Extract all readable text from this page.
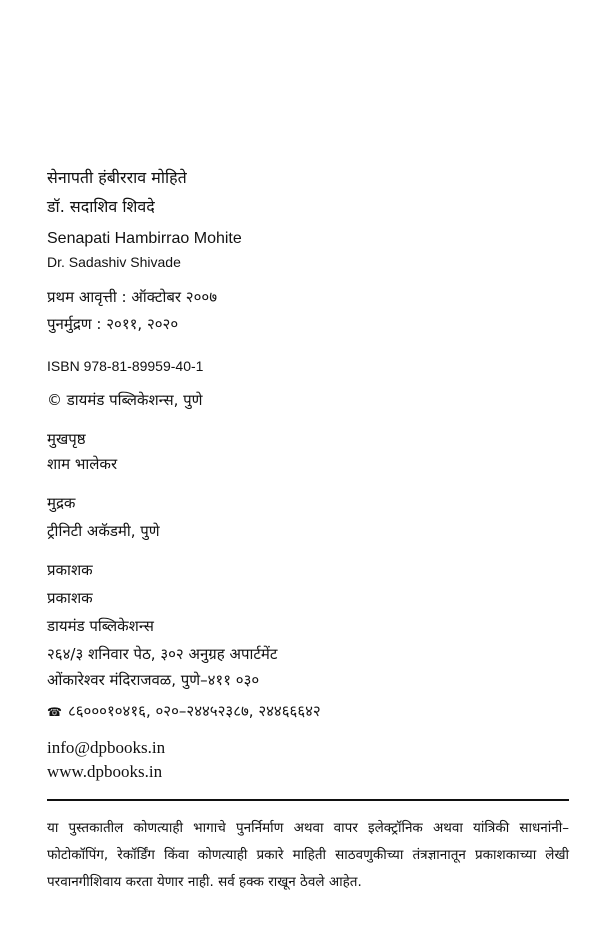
सेनापती हंबीरराव मोहिते
डॉ. सदाशिव शिवदे
Senapati Hambirrao Mohite
Dr. Sadashiv Shivade
प्रथम आवृत्ती : ऑक्टोबर २००७
पुनर्मुद्रण : २०११, २०२०
ISBN 978-81-89959-40-1
© डायमंड पब्लिकेशन्स, पुणे
मुखपृष्ठ
शाम भालेकर
मुद्रक
ट्रीनिटी अकॅडमी, पुणे
प्रकाशक
प्रकाशक
डायमंड पब्लिकेशन्स
२६४/३ शनिवार पेठ, ३०२ अनुग्रह अपार्टमेंट
ओंकारेश्वर मंदिराजवळ, पुणे–४११ ०३०
☎ ८६०००१०४१६, ०२०–२४४५२३८७, २४४६६६४२
info@dpbooks.in
www.dpbooks.in
या पुस्तकातील कोणत्याही भागाचे पुनर्निर्माण अथवा वापर इलेक्ट्रॉनिक अथवा यांत्रिकी साधनांनी– फोटोकॉपिंग, रेकॉर्डिंग किंवा कोणत्याही प्रकारे माहिती साठवणुकीच्या तंत्रज्ञानातून प्रकाशकाच्या लेखी परवानगीशिवाय करता येणार नाही. सर्व हक्क राखून ठेवले आहेत.
